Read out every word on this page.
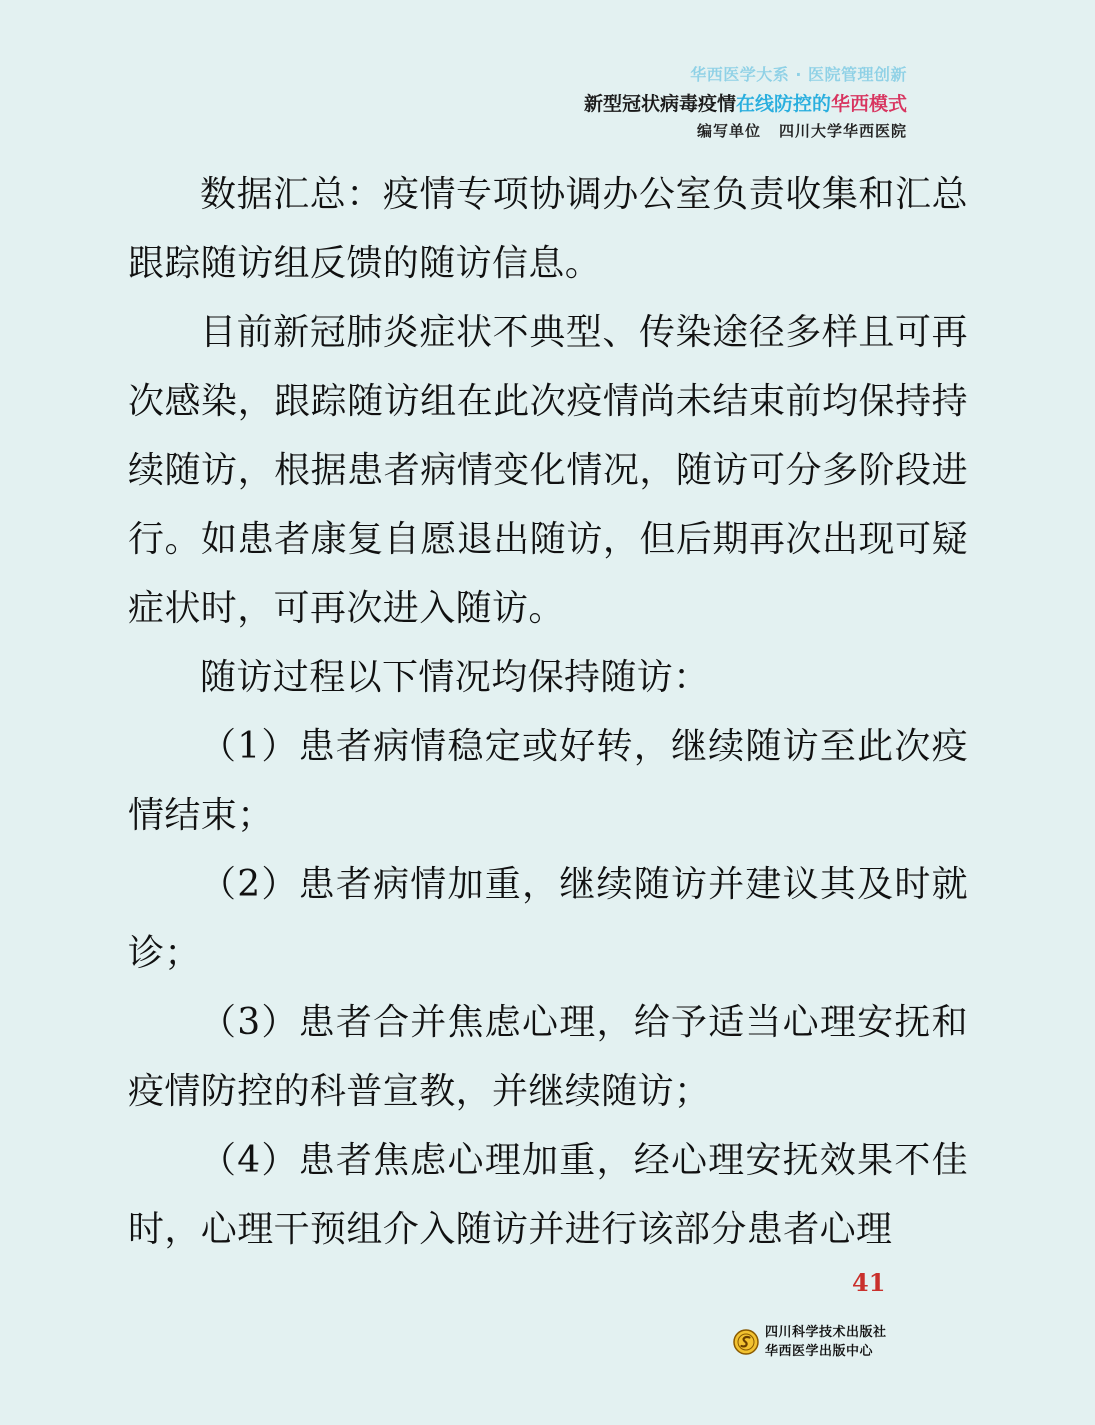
华西医学大系 · 医院管理创新
新型冠状病毒疫情在线防控的华西模式
编写单位 四川大学华西医院

数据汇总：疫情专项协调办公室负责收集和汇总跟踪随访组反馈的随访信息。

目前新冠肺炎症状不典型、传染途径多样且可再次感染，跟踪随访组在此次疫情尚未结束前均保持持续随访，根据患者病情变化情况，随访可分多阶段进行。如患者康复自愿退出随访，但后期再次出现可疑症状时，可再次进入随访。

随访过程以下情况均保持随访：

（1）患者病情稳定或好转，继续随访至此次疫情结束；

（2）患者病情加重，继续随访并建议其及时就诊；

（3）患者合并焦虑心理，给予适当心理安抚和疫情防控的科普宣教，并继续随访；

（4）患者焦虑心理加重，经心理安抚效果不佳时，心理干预组介入随访并进行该部分患者心理

41
四川科学技术出版社
华西医学出版中心
